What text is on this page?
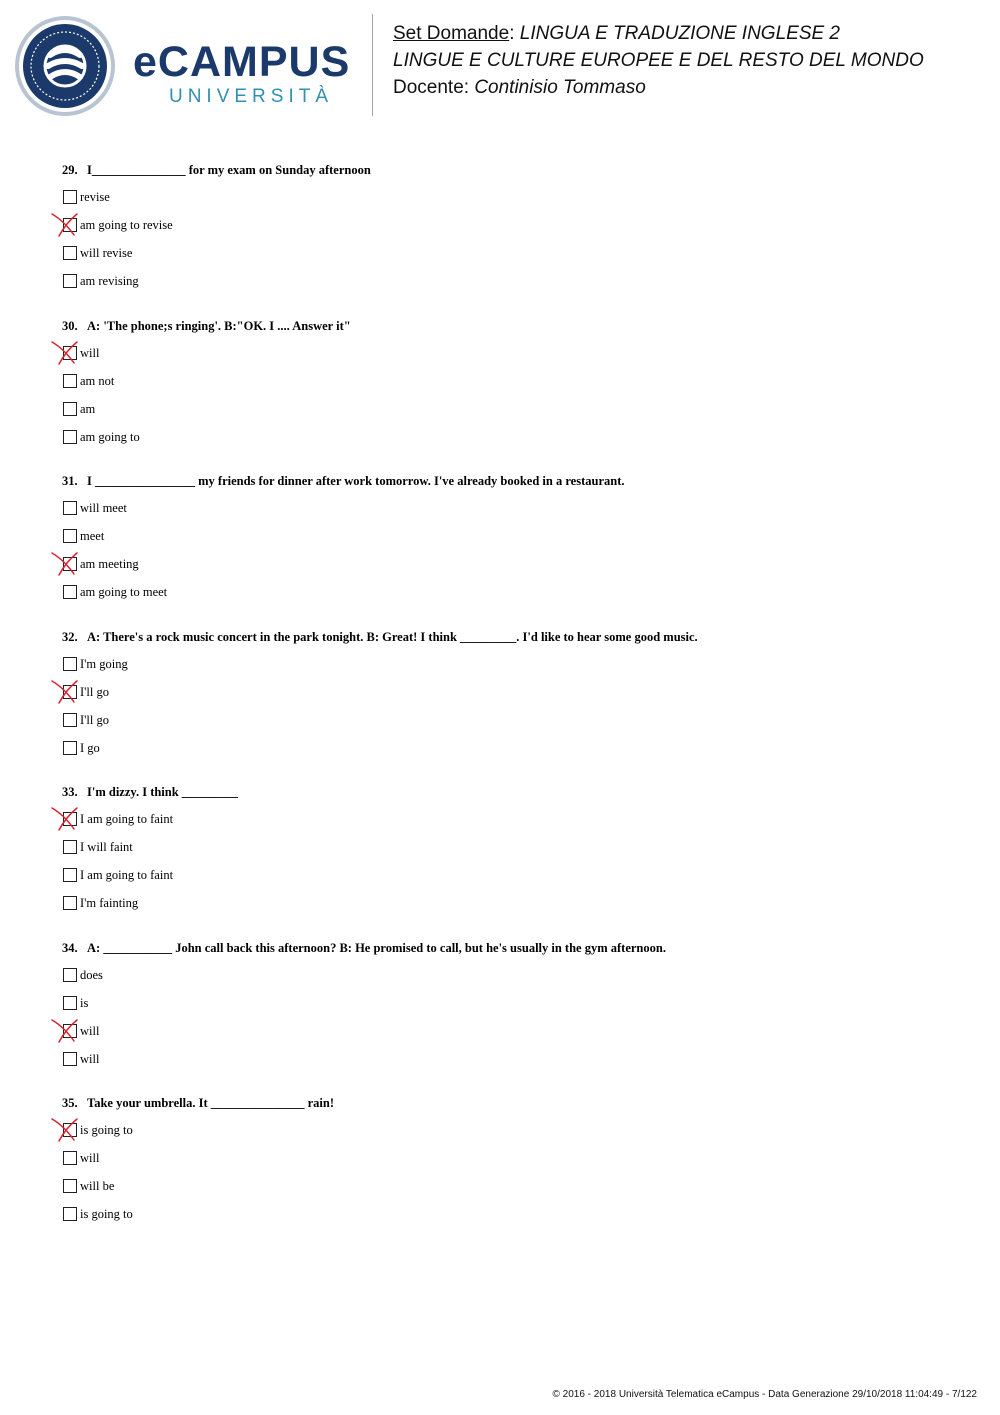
eCAMPUS
UNIVERSITÀ
Set Domande: LINGUA E TRADUZIONE INGLESE 2
LINGUE E CULTURE EUROPEE E DEL RESTO DEL MONDO
Docente: Continisio Tommaso
29. I_______________ for my exam on Sunday afternoon
revise
am going to revise
will revise
am revising
30. A: 'The phone;s ringing'. B:"OK. I .... Answer it"
will
am not
am
am going to
31. I ________________ my friends for dinner after work tomorrow. I've already booked in a restaurant.
will meet
meet
am meeting
am going to meet
32. A: There's a rock music concert in the park tonight. B: Great! I think _________. I'd like to hear some good music.
I'm going
I'll go
I'll go
I go
33. I'm dizzy. I think _________
I am going to faint
I will faint
I am going to faint
I'm fainting
34. A: ___________ John call back this afternoon? B: He promised to call, but he's usually in the gym afternoon.
does
is
will
will
35. Take your umbrella. It _______________ rain!
is going to
will
will be
is going to
© 2016 - 2018 Università Telematica eCampus - Data Generazione 29/10/2018 11:04:49 - 7/122
